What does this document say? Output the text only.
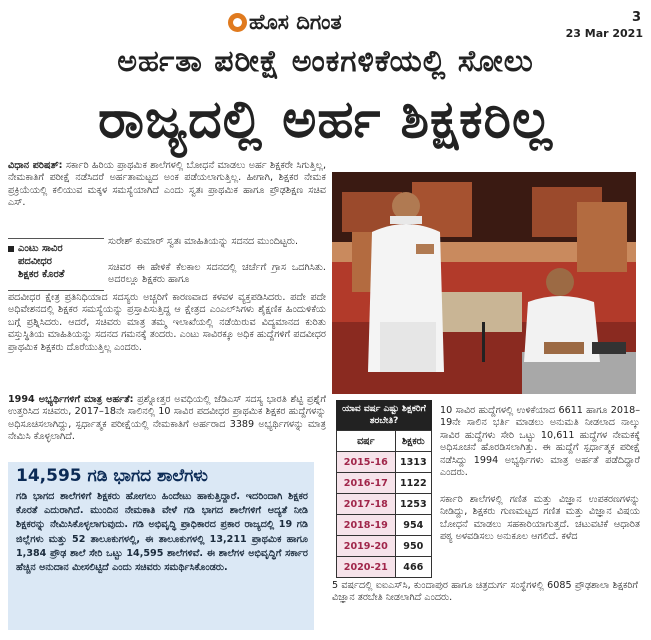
ಹೊಸ ದಿಗಂತ	3
23 Mar 2021
ಅರ್ಹತಾ ಪರೀಕ್ಷೆ ಅಂಕಗಳಿಕೆಯಲ್ಲಿ ಸೋಲು
ರಾಜ್ಯದಲ್ಲಿ ಅರ್ಹ ಶಿಕ್ಷಕರಿಲ್ಲ
ವಿಧಾನ ಪರಿಷತ್: ಸರ್ಕಾರಿ ಹಿರಿಯ ಪ್ರಾಥಮಿಕ ಶಾಲೆಗಳಲ್ಲಿ ಬೋಧನೆ ಮಾಡಲು ಅರ್ಹ ಶಿಕ್ಷಕರೇ ಸಿಗುತ್ತಿಲ್ಲ, ನೇಮಕಾತಿಗೆ ಪರೀಕ್ಷೆ ನಡೆಸಿದರೆ ಅರ್ಹತಾಮಟ್ಟದ ಅಂಕ ಪಡೆಯಲಾಗುತ್ತಿಲ್ಲ. ಹೀಗಾಗಿ, ಶಿಕ್ಷಕರ ನೇಮಕ ಪ್ರಕ್ರಿಯೆಯಲ್ಲಿ ಕಲಿಯುವ ಮಕ್ಕಳ ಸಮಸ್ಯೆಯಾಗಿದೆ ಎಂದು ಸ್ವತಃ ಪ್ರಾಥಮಿಕ ಹಾಗೂ ಪ್ರೌಢಶಿಕ್ಷಣ ಸಚಿವ ಎಸ್.
ಎಂಟು ಸಾವಿರ
ಪದವೀಧರ
ಶಿಕ್ಷಕರ ಕೊರತೆ
ಸುರೇಶ್ ಕುಮಾರ್ ಸ್ವತಃ ಮಾಹಿತಿಯನ್ನು ಸದನದ ಮುಂದಿಟ್ಟರು.
ಸಚಿವರ ಈ ಹೇಳಿಕೆ ಕೆಲಕಾಲ ಸದನದಲ್ಲಿ ಚರ್ಚೆಗೆ ಗ್ರಾಸ ಒದಗಿಸಿತು. ಅದರಲ್ಲೂ ಶಿಕ್ಷಕರು ಹಾಗೂ
ಪದವೀಧರ ಕ್ಷೇತ್ರ ಪ್ರತಿನಿಧಿಯಾದ ಸದಸ್ಯರು ಅಚ್ಚರಿಗೆ ಕಾರಣವಾದ ಕಳವಳ ವ್ಯಕ್ತಪಡಿಸಿದರು. ಪದೇ ಪದೇ ಅಧಿವೇಶನದಲ್ಲಿ ಶಿಕ್ಷಕರ ಸಮಸ್ಯೆಯನ್ನು ಪ್ರಸ್ತಾಪಿಸುತ್ತಿದ್ದ ಆ ಕ್ಷೇತ್ರದ ಎಂಎಲ್‌ಸಿಗಳು ಶೈಕ್ಷಣಿಕ ಹಿಂದುಳಿಕೆಯ ಬಗ್ಗೆ ಪ್ರಶ್ನಿಸಿದರು. ಆದರೆ, ಸಚಿವರು ಮಾತ್ರ ತಮ್ಮ ಇಲಾಖೆಯಲ್ಲಿ ನಡೆಯಿರುವ ವಿದ್ಯಮಾನದ ಕುರಿತು ವಸ್ತುಸ್ಥಿತಿಯ ಮಾಹಿತಿಯನ್ನು ಸದನದ ಗಮನಕ್ಕೆ ತಂದರು. ಎಂಟು ಸಾವಿರಕ್ಕೂ ಅಧಿಕ ಹುದ್ದೆಗಳಿಗೆ ಪದವೀಧರ ಪ್ರಾಥಮಿಕ ಶಿಕ್ಷಕರು ದೊರೆಯುತ್ತಿಲ್ಲ ಎಂದರು.
1994 ಅಭ್ಯರ್ಥಿಗಳಿಗೆ ಮಾತ್ರ ಅರ್ಹತೆ: ಪ್ರಶ್ನೋತ್ತರ ಅವಧಿಯಲ್ಲಿ ಜೆಡಿಎಸ್ ಸದಸ್ಯ ಭಾರತಿ ಶೆಟ್ಟಿ ಪ್ರಶ್ನೆಗೆ ಉತ್ತರಿಸಿದ ಸಚಿವರು, 2017–18ನೇ ಸಾಲಿನಲ್ಲಿ 10 ಸಾವಿರ ಪದವೀಧರ ಪ್ರಾಥಮಿಕ ಶಿಕ್ಷಕರ ಹುದ್ದೆಗಳನ್ನು ಅಧಿಸೂಚಿಸಲಾಗಿದ್ದು, ಸ್ಪರ್ಧಾತ್ಮಕ ಪರೀಕ್ಷೆಯಲ್ಲಿ ನೇಮಕಾತಿಗೆ ಅರ್ಹರಾದ 3389 ಅಭ್ಯರ್ಥಿಗಳನ್ನು ಮಾತ್ರ ನೇಮಿಸಿ ಕೊಳ್ಳಲಾಗಿದೆ.
10 ಸಾವಿರ ಹುದ್ದೆಗಳಲ್ಲಿ ಉಳಿಕೆಯಾದ 6611 ಹಾಗೂ 2018–19ನೇ ಸಾಲಿನ ಭರ್ತಿ ಮಾಡಲು ಅನುಮತಿ ನೀಡಲಾದ ನಾಲ್ಕು ಸಾವಿರ ಹುದ್ದೆಗಳು ಸೇರಿ ಒಟ್ಟು 10,611 ಹುದ್ದೆಗಳ ನೇಮಕಕ್ಕೆ ಅಧಿಸೂಚನೆ ಹೊರಡಿಸಲಾಗಿತ್ತು. ಈ ಹುದ್ದೆಗೆ ಸ್ಪರ್ಧಾತ್ಮಕ ಪರೀಕ್ಷೆ ನಡೆಸಿದ್ದು 1994 ಅಭ್ಯರ್ಥಿಗಳು ಮಾತ್ರ ಅರ್ಹತೆ ಪಡೆದಿದ್ದಾರೆ ಎಂದರು.
ಸರ್ಕಾರಿ ಶಾಲೆಗಳಲ್ಲಿ ಗಣಿತ ಮತ್ತು ವಿಜ್ಞಾನ ಉಪಕರಣಗಳನ್ನು ನೀಡಿದ್ದು, ಶಿಕ್ಷಕರು ಗುಣಮಟ್ಟದ ಗಣಿತ ಮತ್ತು ವಿಜ್ಞಾನ ವಿಷಯ ಬೋಧನೆ ಮಾಡಲು ಸಹಕಾರಿಯಾಗುತ್ತದೆ. ಚಟುವಟಿಕೆ ಆಧಾರಿತ ಪಠ್ಯ ಅಳವಡಿಸಲು ಅನುಕೂಲ ಆಗಲಿದೆ. ಕಳೆದ
5 ವರ್ಷದಲ್ಲಿ ಐಐಎಸ್‌ಸಿ, ಕುಂದಾಪುರ ಹಾಗೂ ಚಿತ್ರದುರ್ಗ ಸಂಸ್ಥೆಗಳಲ್ಲಿ 6085 ಪ್ರೌಢಶಾಲಾ ಶಿಕ್ಷಕರಿಗೆ ವಿಜ್ಞಾನ ತರಬೇತಿ ನೀಡಲಾಗಿದೆ ಎಂದರು.
ಯಾವ ವರ್ಷ ಎಷ್ಟು ಶಿಕ್ಷಕರಿಗೆ ತರಬೇತಿ?
ವರ್ಷ	ಶಿಕ್ಷಕರು
2015-16	1313
2016-17	1122
2017-18	1253
2018-19	954
2019-20	950
2020-21	466
14,595 ಗಡಿ ಭಾಗದ ಶಾಲೆಗಳು
ಗಡಿ ಭಾಗದ ಶಾಲೆಗಳಿಗೆ ಶಿಕ್ಷಕರು ಹೋಗಲು ಹಿಂದೇಟು ಹಾಕುತ್ತಿದ್ದಾರೆ. ಇದರಿಂದಾಗಿ ಶಿಕ್ಷಕರ ಕೊರತೆ ಎದುರಾಗಿದೆ. ಮುಂದಿನ ನೇಮಕಾತಿ ವೇಳೆ ಗಡಿ ಭಾಗದ ಶಾಲೆಗಳಿಗೆ ಆದ್ಯತೆ ನೀಡಿ ಶಿಕ್ಷಕರನ್ನು ನೇಮಿಸಿಕೊಳ್ಳಲಾಗುವುದು. ಗಡಿ ಅಭಿವೃದ್ಧಿ ಪ್ರಾಧಿಕಾರದ ಪ್ರಕಾರ ರಾಜ್ಯದಲ್ಲಿ 19 ಗಡಿ ಜಿಲ್ಲೆಗಳು ಮತ್ತು 52 ತಾಲೂಕುಗಳಲ್ಲಿ, ಈ ತಾಲೂಕುಗಳಲ್ಲಿ 13,211 ಪ್ರಾಥಮಿಕ ಹಾಗೂ 1,384 ಪ್ರೌಢ ಶಾಲೆ ಸೇರಿ ಒಟ್ಟು 14,595 ಶಾಲೆಗಳಿವೆ. ಈ ಶಾಲೆಗಳ ಅಭಿವೃದ್ಧಿಗೆ ಸರ್ಕಾರ ಹೆಚ್ಚಿನ ಅನುದಾನ ಮೀಸಲಿಟ್ಟಿದೆ ಎಂದು ಸಚಿವರು ಸಮರ್ಥಿಸಿಕೊಂಡರು.
